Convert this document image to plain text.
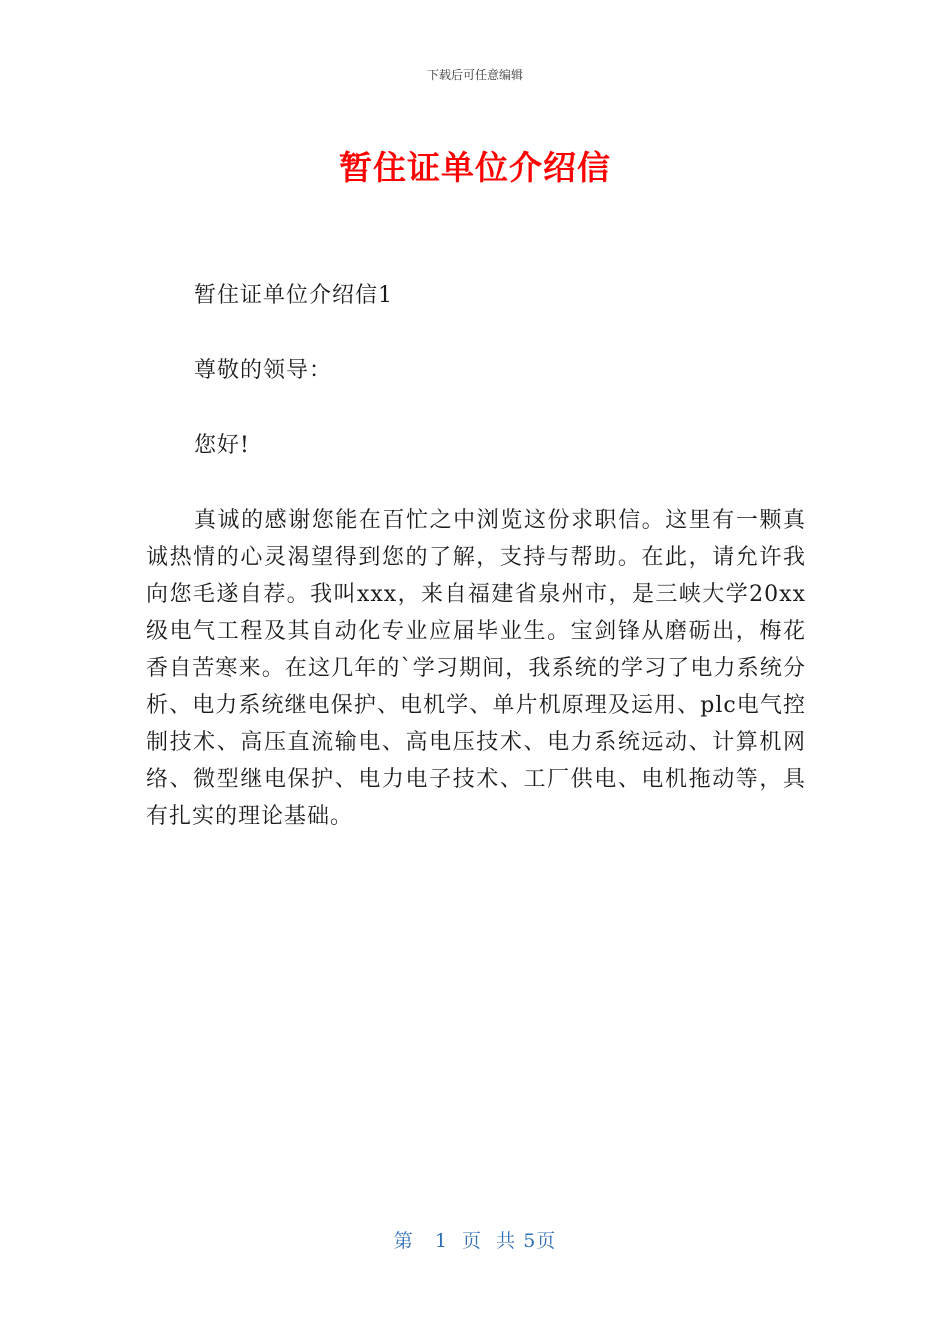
下载后可任意编辑
暂住证单位介绍信

暂住证单位介绍信1

尊敬的领导：

您好!

真诚的感谢您能在百忙之中浏览这份求职信。这里有一颗真诚热情的心灵渴望得到您的了解，支持与帮助。在此，请允许我向您毛遂自荐。我叫xxx，来自福建省泉州市，是三峡大学20xx级电气工程及其自动化专业应届毕业生。宝剑锋从磨砺出，梅花香自苦寒来。在这几年的`学习期间，我系统的学习了电力系统分析、电力系统继电保护、电机学、单片机原理及运用、plc电气控制技术、高压直流输电、高电压技术、电力系统远动、计算机网络、微型继电保护、电力电子技术、工厂供电、电机拖动等，具有扎实的理论基础。

第 1 页 共 5页
